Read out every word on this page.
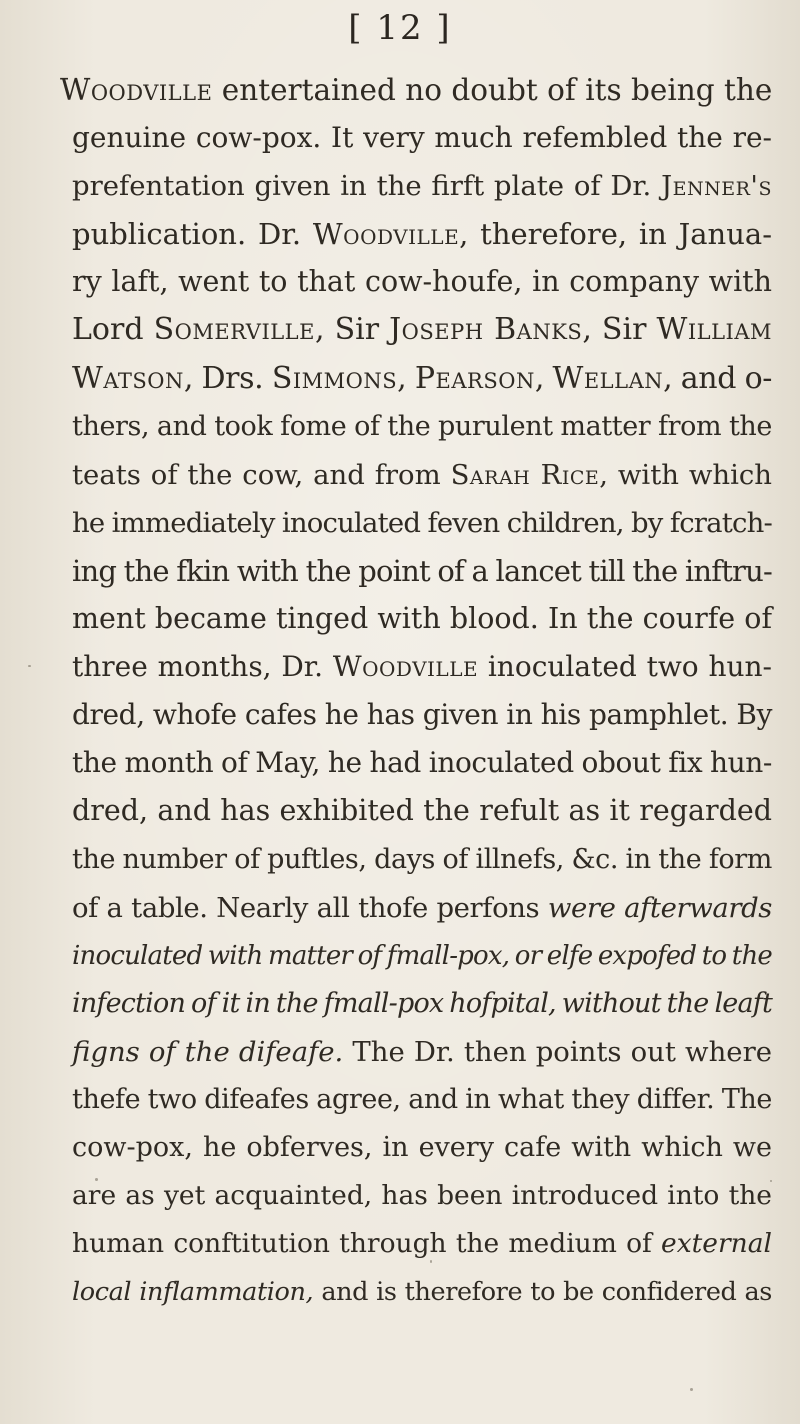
[ 12 ]
Woodville entertained no doubt of its being the
genuine cow-pox. It very much refembled the re-
prefentation given in the firft plate of Dr. Jenner's
publication. Dr. Woodville, therefore, in Janua-
ry laft, went to that cow-houfe, in company with
Lord Somerville, Sir Joseph Banks, Sir William
Watson, Drs. Simmons, Pearson, Wellan, and o-
thers, and took fome of the purulent matter from the
teats of the cow, and from Sarah Rice, with which
he immediately inoculated feven children, by fcratch-
ing the fkin with the point of a lancet till the inftru-
ment became tinged with blood. In the courfe of
three months, Dr. Woodville inoculated two hun-
dred, whofe cafes he has given in his pamphlet. By
the month of May, he had inoculated obout fix hun-
dred, and has exhibited the refult as it regarded
the number of puftles, days of illnefs, &c. in the form
of a table. Nearly all thofe perfons were afterwards
inoculated with matter of fmall-pox, or elfe expofed to the
infection of it in the fmall-pox hofpital, without the leaft
figns of the difeafe. The Dr. then points out where
thefe two difeafes agree, and in what they differ. The
cow-pox, he obferves, in every cafe with which we
are as yet acquainted, has been introduced into the
human conftitution through the medium of external
local inflammation, and is therefore to be confidered as
